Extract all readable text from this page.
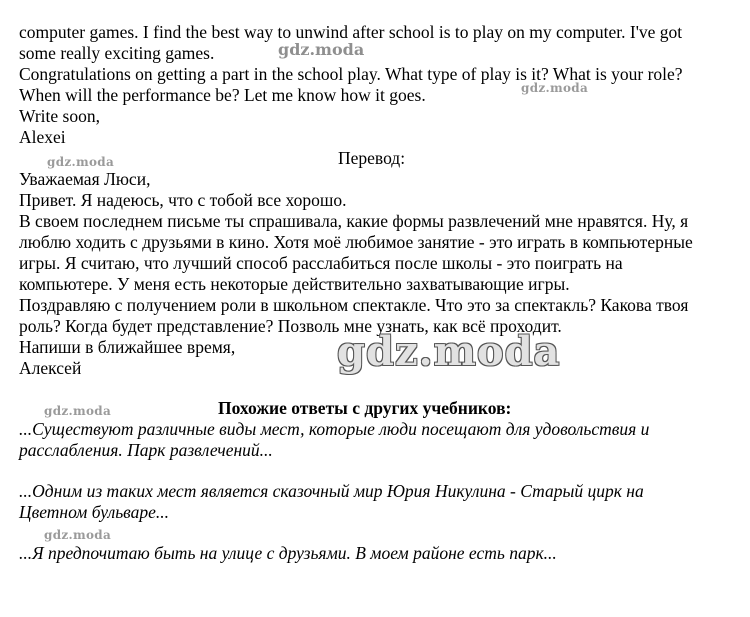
computer games. I find the best way to unwind after school is to play on my computer. I've got
some really exciting games.
Congratulations on getting a part in the school play. What type of play is it? What is your role?
When will the performance be? Let me know how it goes.
Write soon,
Alexei
Перевод:
Уважаемая Люси,
Привет. Я надеюсь, что с тобой все хорошо.
В своем последнем письме ты спрашивала, какие формы развлечений мне нравятся. Ну, я
люблю ходить с друзьями в кино. Хотя моё любимое занятие - это играть в компьютерные
игры. Я считаю, что лучший способ расслабиться после школы - это поиграть на
компьютере. У меня есть некоторые действительно захватывающие игры.
Поздравляю с получением роли в школьном спектакле. Что это за спектакль? Какова твоя
роль? Когда будет представление? Позволь мне узнать, как всё проходит.
Напиши в ближайшее время,
Алексей
Похожие ответы с других учебников:
...Существуют различные виды мест, которые люди посещают для удовольствия и
расслабления. Парк развлечений...
...Одним из таких мест является сказочный мир Юрия Никулина - Старый цирк на
Цветном бульваре...
...Я предпочитаю быть на улице с друзьями. В моем районе есть парк...
gdz.moda
gdz.moda
gdz.moda
gdz.moda
gdz.moda
gdz.moda
